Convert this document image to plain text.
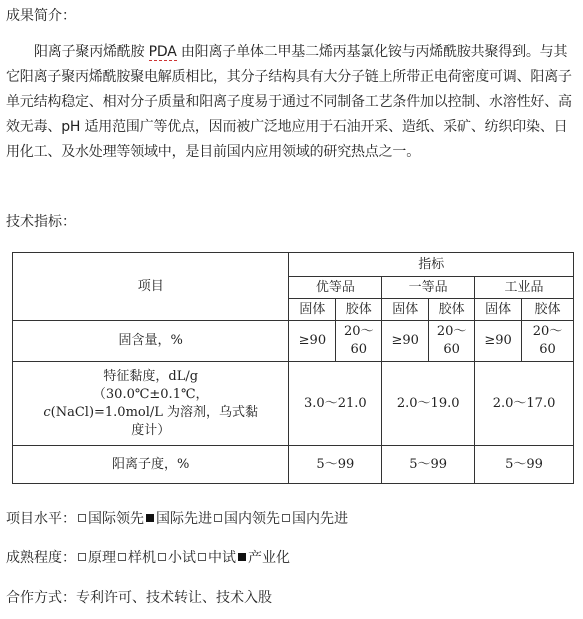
成果简介：
阳离子聚丙烯酰胺 PDA 由阳离子单体二甲基二烯丙基氯化铵与丙烯酰胺共聚得到。与其它阳离子聚丙烯酰胺聚电解质相比，其分子结构具有大分子链上所带正电荷密度可调、阳离子单元结构稳定、相对分子质量和阳离子度易于通过不同制备工艺条件加以控制、水溶性好、高效无毒、pH 适用范围广等优点，因而被广泛地应用于石油开采、造纸、采矿、纺织印染、日用化工、及水处理等领域中，是目前国内应用领域的研究热点之一。
技术指标：
项目	指标					
	优等品		一等品		工业品	
	固体	胶体	固体	胶体	固体	胶体
固含量，%	≥90	20～60	≥90	20～60	≥90	20～60

特征黏度，dL/g
（30.0℃±0.1℃，
c(NaCl)=1.0mol/L 为溶剂，乌式黏
度计）	3.0～21.0		2.0～19.0		2.0～17.0	
阳离子度，%	5～99		5～99		5～99	
项目水平： 国际领先 国际先进 国内领先 国内先进
成熟程度： 原理 样机 小试 中试 产业化
合作方式：专利许可、技术转让、技术入股
